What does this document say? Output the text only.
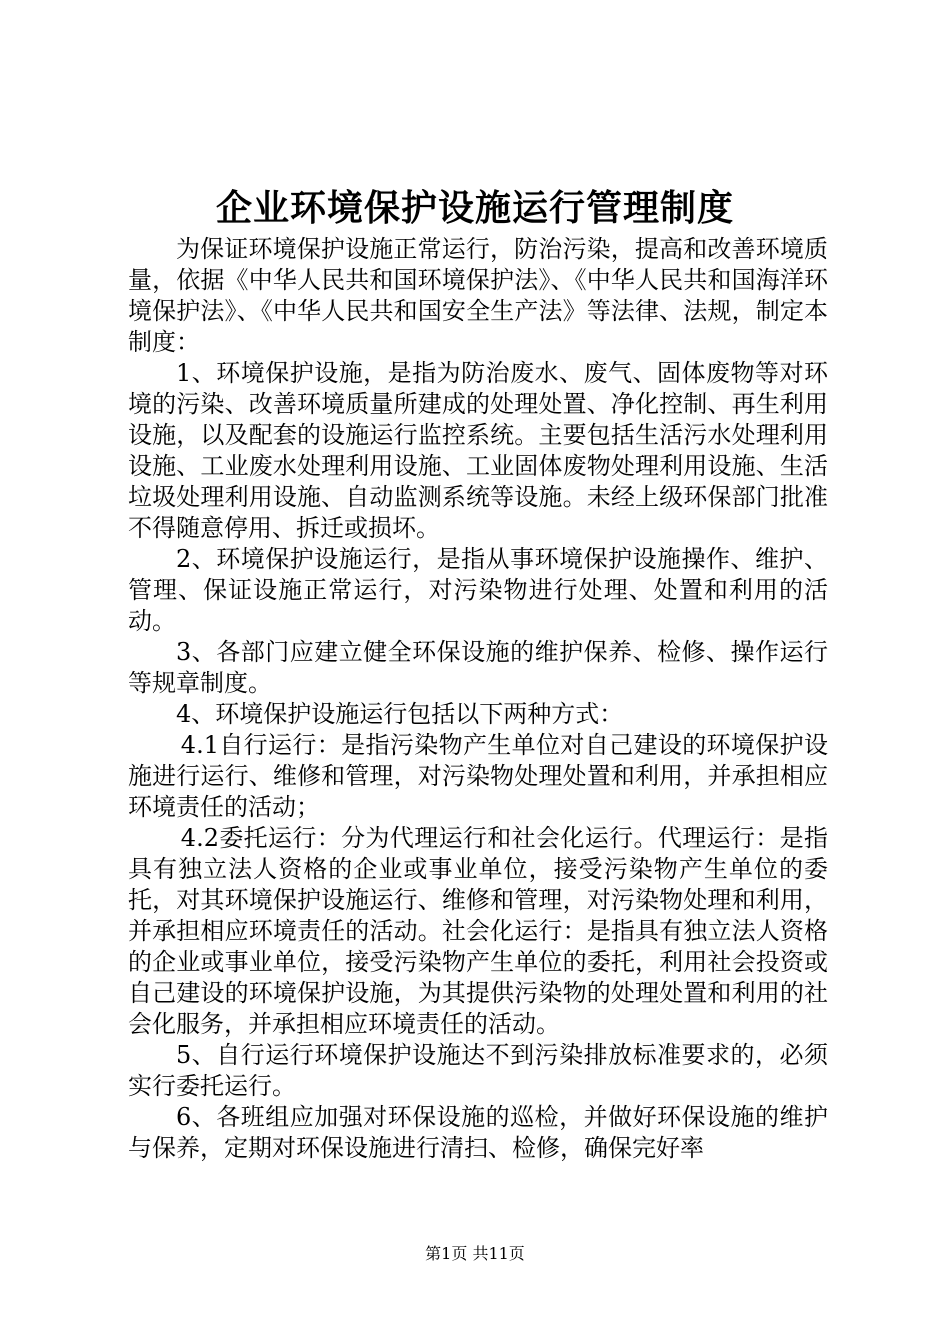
企业环境保护设施运行管理制度

为保证环境保护设施正常运行，防治污染，提高和改善环境质量，依据《中华人民共和国环境保护法》、《中华人民共和国海洋环境保护法》、《中华人民共和国安全生产法》等法律、法规，制定本制度：

1、环境保护设施，是指为防治废水、废气、固体废物等对环境的污染、改善环境质量所建成的处理处置、净化控制、再生利用设施，以及配套的设施运行监控系统。主要包括生活污水处理利用设施、工业废水处理利用设施、工业固体废物处理利用设施、生活垃圾处理利用设施、自动监测系统等设施。未经上级环保部门批准不得随意停用、拆迁或损坏。

2、环境保护设施运行，是指从事环境保护设施操作、维护、管理、保证设施正常运行，对污染物进行处理、处置和利用的活动。

3、各部门应建立健全环保设施的维护保养、检修、操作运行等规章制度。

4、环境保护设施运行包括以下两种方式：

4.1自行运行：是指污染物产生单位对自己建设的环境保护设施进行运行、维修和管理，对污染物处理处置和利用，并承担相应环境责任的活动；

4.2委托运行：分为代理运行和社会化运行。代理运行：是指具有独立法人资格的企业或事业单位，接受污染物产生单位的委托，对其环境保护设施运行、维修和管理，对污染物处理和利用，并承担相应环境责任的活动。社会化运行：是指具有独立法人资格的企业或事业单位，接受污染物产生单位的委托，利用社会投资或自己建设的环境保护设施，为其提供污染物的处理处置和利用的社会化服务，并承担相应环境责任的活动。

5、自行运行环境保护设施达不到污染排放标准要求的，必须实行委托运行。

6、各班组应加强对环保设施的巡检，并做好环保设施的维护与保养，定期对环保设施进行清扫、检修，确保完好率

第1页 共11页
